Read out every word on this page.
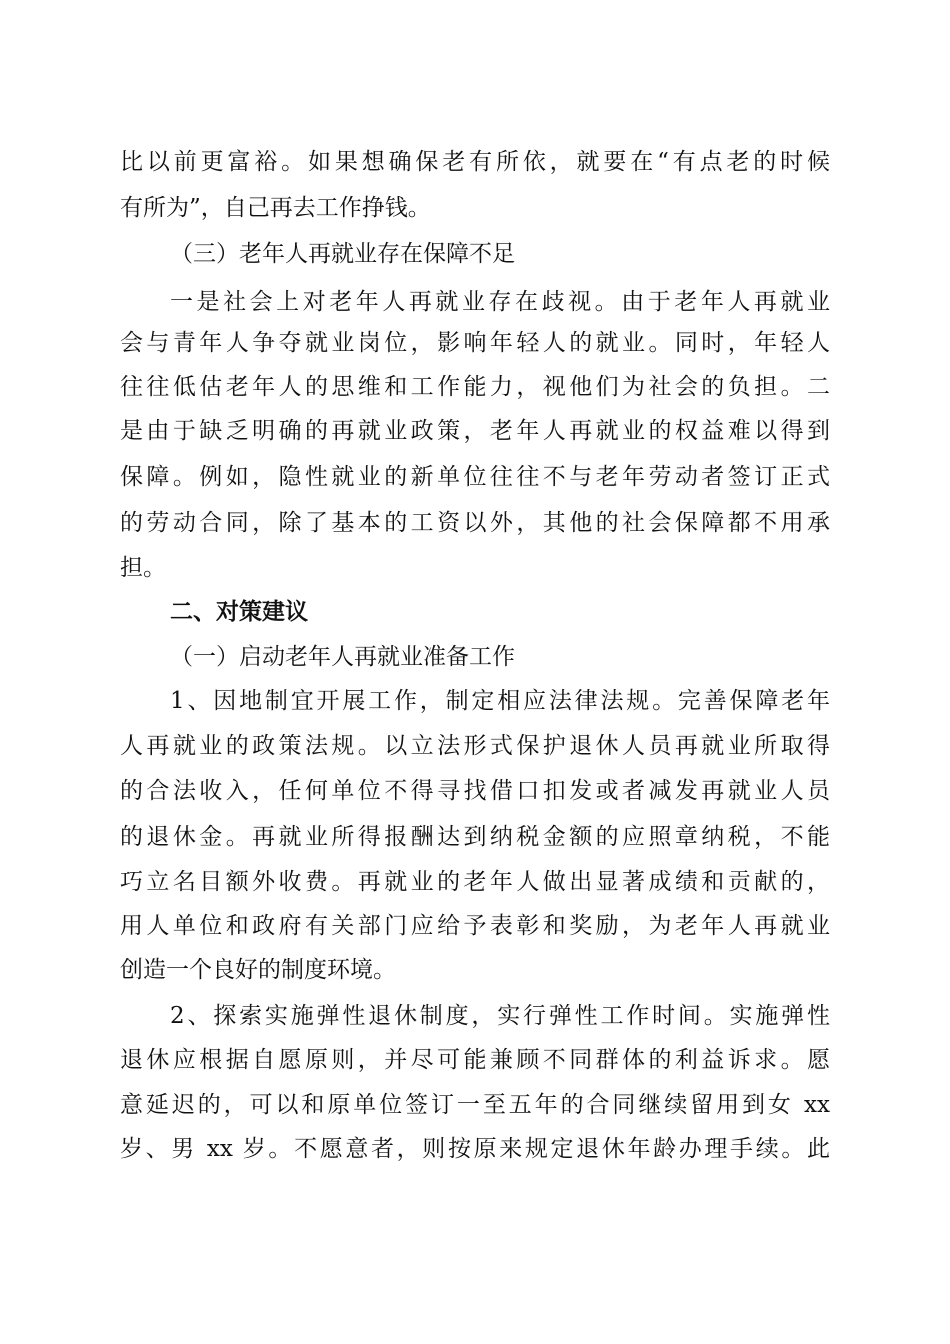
比以前更富裕。如果想确保老有所依，就要在“有点老的时候
有所为”，自己再去工作挣钱。
（三）老年人再就业存在保障不足
一是社会上对老年人再就业存在歧视。由于老年人再就业
会与青年人争夺就业岗位，影响年轻人的就业。同时，年轻人
往往低估老年人的思维和工作能力，视他们为社会的负担。二
是由于缺乏明确的再就业政策，老年人再就业的权益难以得到
保障。例如，隐性就业的新单位往往不与老年劳动者签订正式
的劳动合同，除了基本的工资以外，其他的社会保障都不用承
担。
二、对策建议
（一）启动老年人再就业准备工作
1、因地制宜开展工作，制定相应法律法规。完善保障老年
人再就业的政策法规。以立法形式保护退休人员再就业所取得
的合法收入，任何单位不得寻找借口扣发或者减发再就业人员
的退休金。再就业所得报酬达到纳税金额的应照章纳税，不能
巧立名目额外收费。再就业的老年人做出显著成绩和贡献的，
用人单位和政府有关部门应给予表彰和奖励，为老年人再就业
创造一个良好的制度环境。
2、探索实施弹性退休制度，实行弹性工作时间。实施弹性
退休应根据自愿原则，并尽可能兼顾不同群体的利益诉求。愿
意延迟的，可以和原单位签订一至五年的合同继续留用到女 xx
岁、男 xx 岁。不愿意者，则按原来规定退休年龄办理手续。此
